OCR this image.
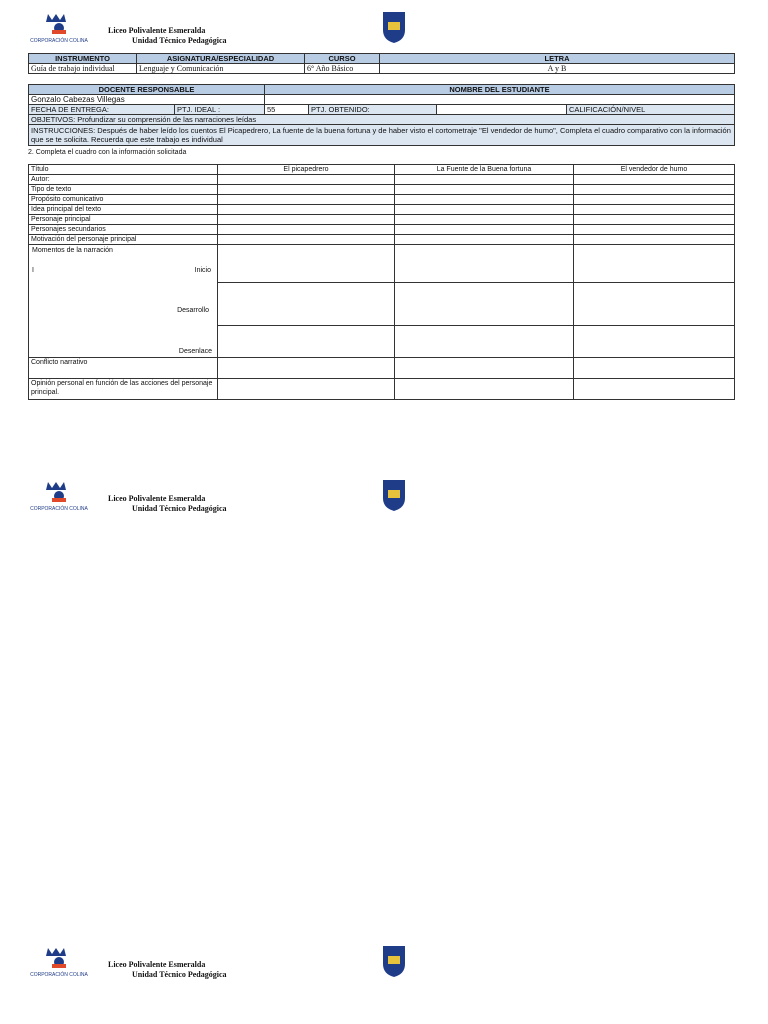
CORPORACIÓN COLINA
Liceo Polivalente Esmeralda
Unidad Técnico Pedagógica
INSTRUMENTO	ASIGNATURA/ESPECIALIDAD	CURSO	LETRA
Guía de trabajo individual	Lenguaje y Comunicación	6° Año Básico	A y B
DOCENTE RESPONSABLE		NOMBRE DEL ESTUDIANTE			
Gonzalo Cabezas Villegas					
FECHA DE ENTREGA:	PTJ. IDEAL :	55	PTJ. OBTENIDO:		CALIFICACIÓN/NIVEL
OBJETIVOS: Profundizar su comprensión de las narraciones leídas					
INSTRUCCIONES: Después de haber leído los cuentos El Picapedrero, La fuente de la buena fortuna y de haber visto el cortometraje "El vendedor de humo", Completa el cuadro comparativo con la información que se te solicita. Recuerda que este trabajo es individual					
2. Completa el cuadro con la información solicitada
Título	El picapedrero	La Fuente de la Buena fortuna	El vendedor de humo
Autor:			
Tipo de texto			
Propósito comunicativo			
Idea principal del texto			
Personaje principal			
Personajes secundarios			
Motivación del personaje principal			

Momentos de la narración
I Inicio
Desarrollo
Desenlace			

Conflicto narrativo			
Opinión personal en función de las acciones del personaje principal.			
CORPORACIÓN COLINA
Liceo Polivalente Esmeralda
Unidad Técnico Pedagógica
CORPORACIÓN COLINA
Liceo Polivalente Esmeralda
Unidad Técnico Pedagógica
